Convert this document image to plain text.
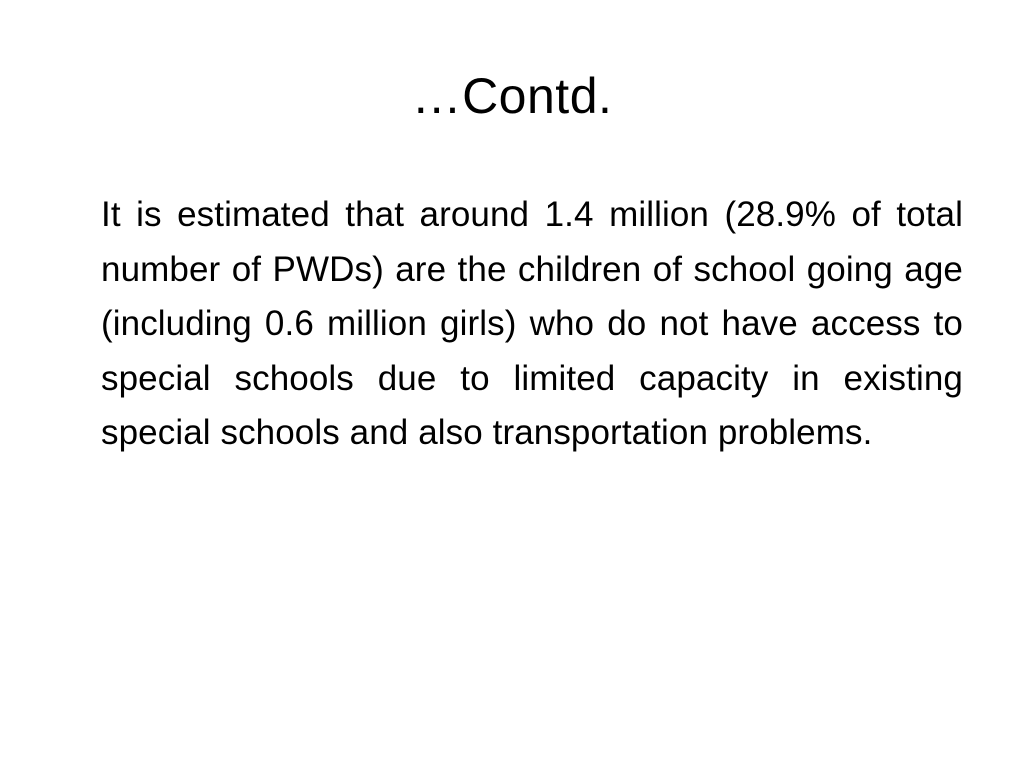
…Contd.

It is estimated that around 1.4 million (28.9% of total number of PWDs) are the children of school going age (including 0.6 million girls) who do not have access to special schools due to limited capacity in existing special schools and also transportation problems.
